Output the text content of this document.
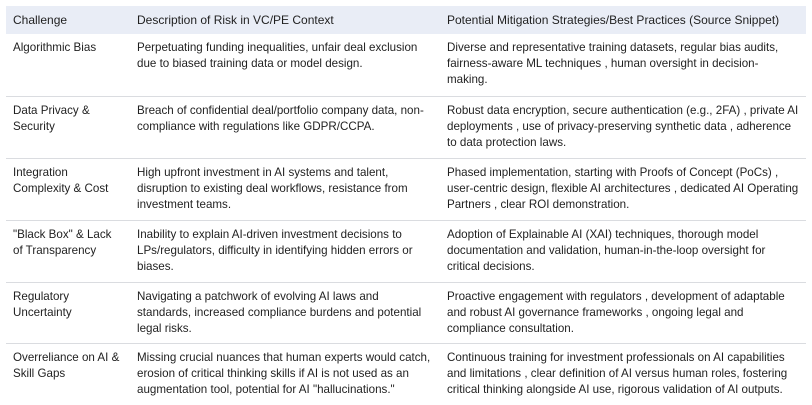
Challenge	Description of Risk in VC/PE Context	Potential Mitigation Strategies/Best Practices (Source Snippet)
Algorithmic Bias	Perpetuating funding inequalities, unfair deal exclusion due to biased training data or model design.	Diverse and representative training datasets, regular bias audits, fairness-aware ML techniques , human oversight in decision-making.
Data Privacy & Security	Breach of confidential deal/portfolio company data, non-compliance with regulations like GDPR/CCPA.	Robust data encryption, secure authentication (e.g., 2FA) , private AI deployments , use of privacy-preserving synthetic data , adherence to data protection laws.
Integration Complexity & Cost	High upfront investment in AI systems and talent, disruption to existing deal workflows, resistance from investment teams.	Phased implementation, starting with Proofs of Concept (PoCs) , user-centric design, flexible AI architectures , dedicated AI Operating Partners , clear ROI demonstration.
"Black Box" & Lack of Transparency	Inability to explain AI-driven investment decisions to LPs/regulators, difficulty in identifying hidden errors or biases.	Adoption of Explainable AI (XAI) techniques, thorough model documentation and validation, human-in-the-loop oversight for critical decisions.
Regulatory Uncertainty	Navigating a patchwork of evolving AI laws and standards, increased compliance burdens and potential legal risks.	Proactive engagement with regulators , development of adaptable and robust AI governance frameworks , ongoing legal and compliance consultation.
Overreliance on AI & Skill Gaps	Missing crucial nuances that human experts would catch, erosion of critical thinking skills if AI is not used as an augmentation tool, potential for AI "hallucinations."	Continuous training for investment professionals on AI capabilities and limitations , clear definition of AI versus human roles, fostering critical thinking alongside AI use, rigorous validation of AI outputs.
